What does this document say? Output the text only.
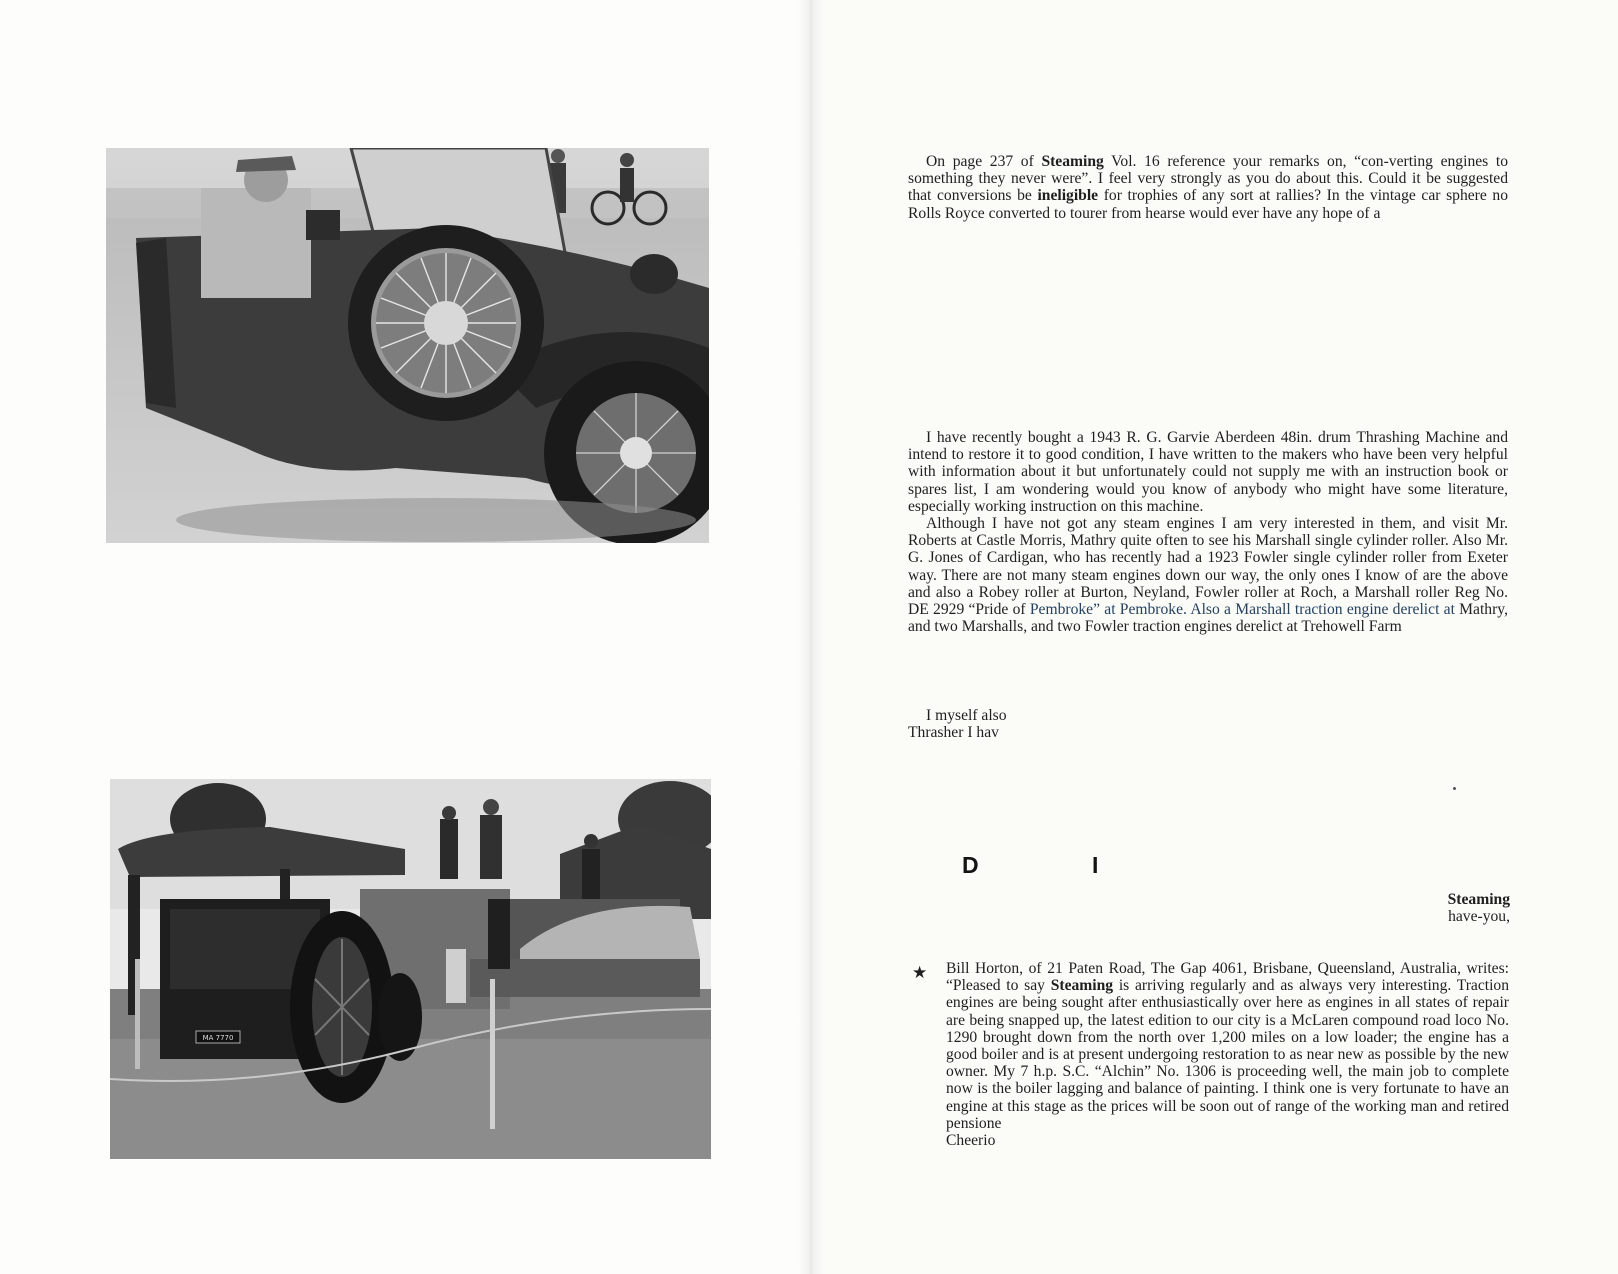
MA 7770

On page 237 of Steaming Vol. 16 reference your remarks on, “con-verting engines to something they never were”. I feel very strongly as you do about this. Could it be suggested that conversions be ineligible for trophies of any sort at rallies? In the vintage car sphere no Rolls Royce converted to tourer from hearse would ever have any hope of a

I have recently bought a 1943 R. G. Garvie Aberdeen 48in. drum Thrashing Machine and intend to restore it to good condition, I have written to the makers who have been very helpful with information about it but unfortunately could not supply me with an instruction book or spares list, I am wondering would you know of anybody who might have some literature, especially working instruction on this machine.

Although I have not got any steam engines I am very interested in them, and visit Mr. Roberts at Castle Morris, Mathry quite often to see his Marshall single cylinder roller. Also Mr. G. Jones of Cardigan, who has recently had a 1923 Fowler single cylinder roller from Exeter way. There are not many steam engines down our way, the only ones I know of are the above and also a Robey roller at Burton, Neyland, Fowler roller at Roch, a Marshall roller Reg No. DE 2929 “Pride of Pembroke” at Pembroke. Also a Marshall traction engine derelict at Mathry, and two Marshalls, and two Fowler traction engines derelict at Trehowell Farm

I myself also

Thrasher I hav

D	I
Steaming
have-you,
★ Bill Horton, of 21 Paten Road, The Gap 4061, Brisbane, Queensland, Australia, writes: “Pleased to say Steaming is arriving regularly and as always very interesting. Traction engines are being sought after enthusiastically over here as engines in all states of repair are being snapped up, the latest edition to our city is a McLaren compound road loco No. 1290 brought down from the north over 1,200 miles on a low loader; the engine has a good boiler and is at present undergoing restoration to as near new as possible by the new owner. My 7 h.p. S.C. “Alchin” No. 1306 is proceeding well, the main job to complete now is the boiler lagging and balance of painting. I think one is very fortunate to have an engine at this stage as the prices will be soon out of range of the working man and retired pensione

Cheerio
